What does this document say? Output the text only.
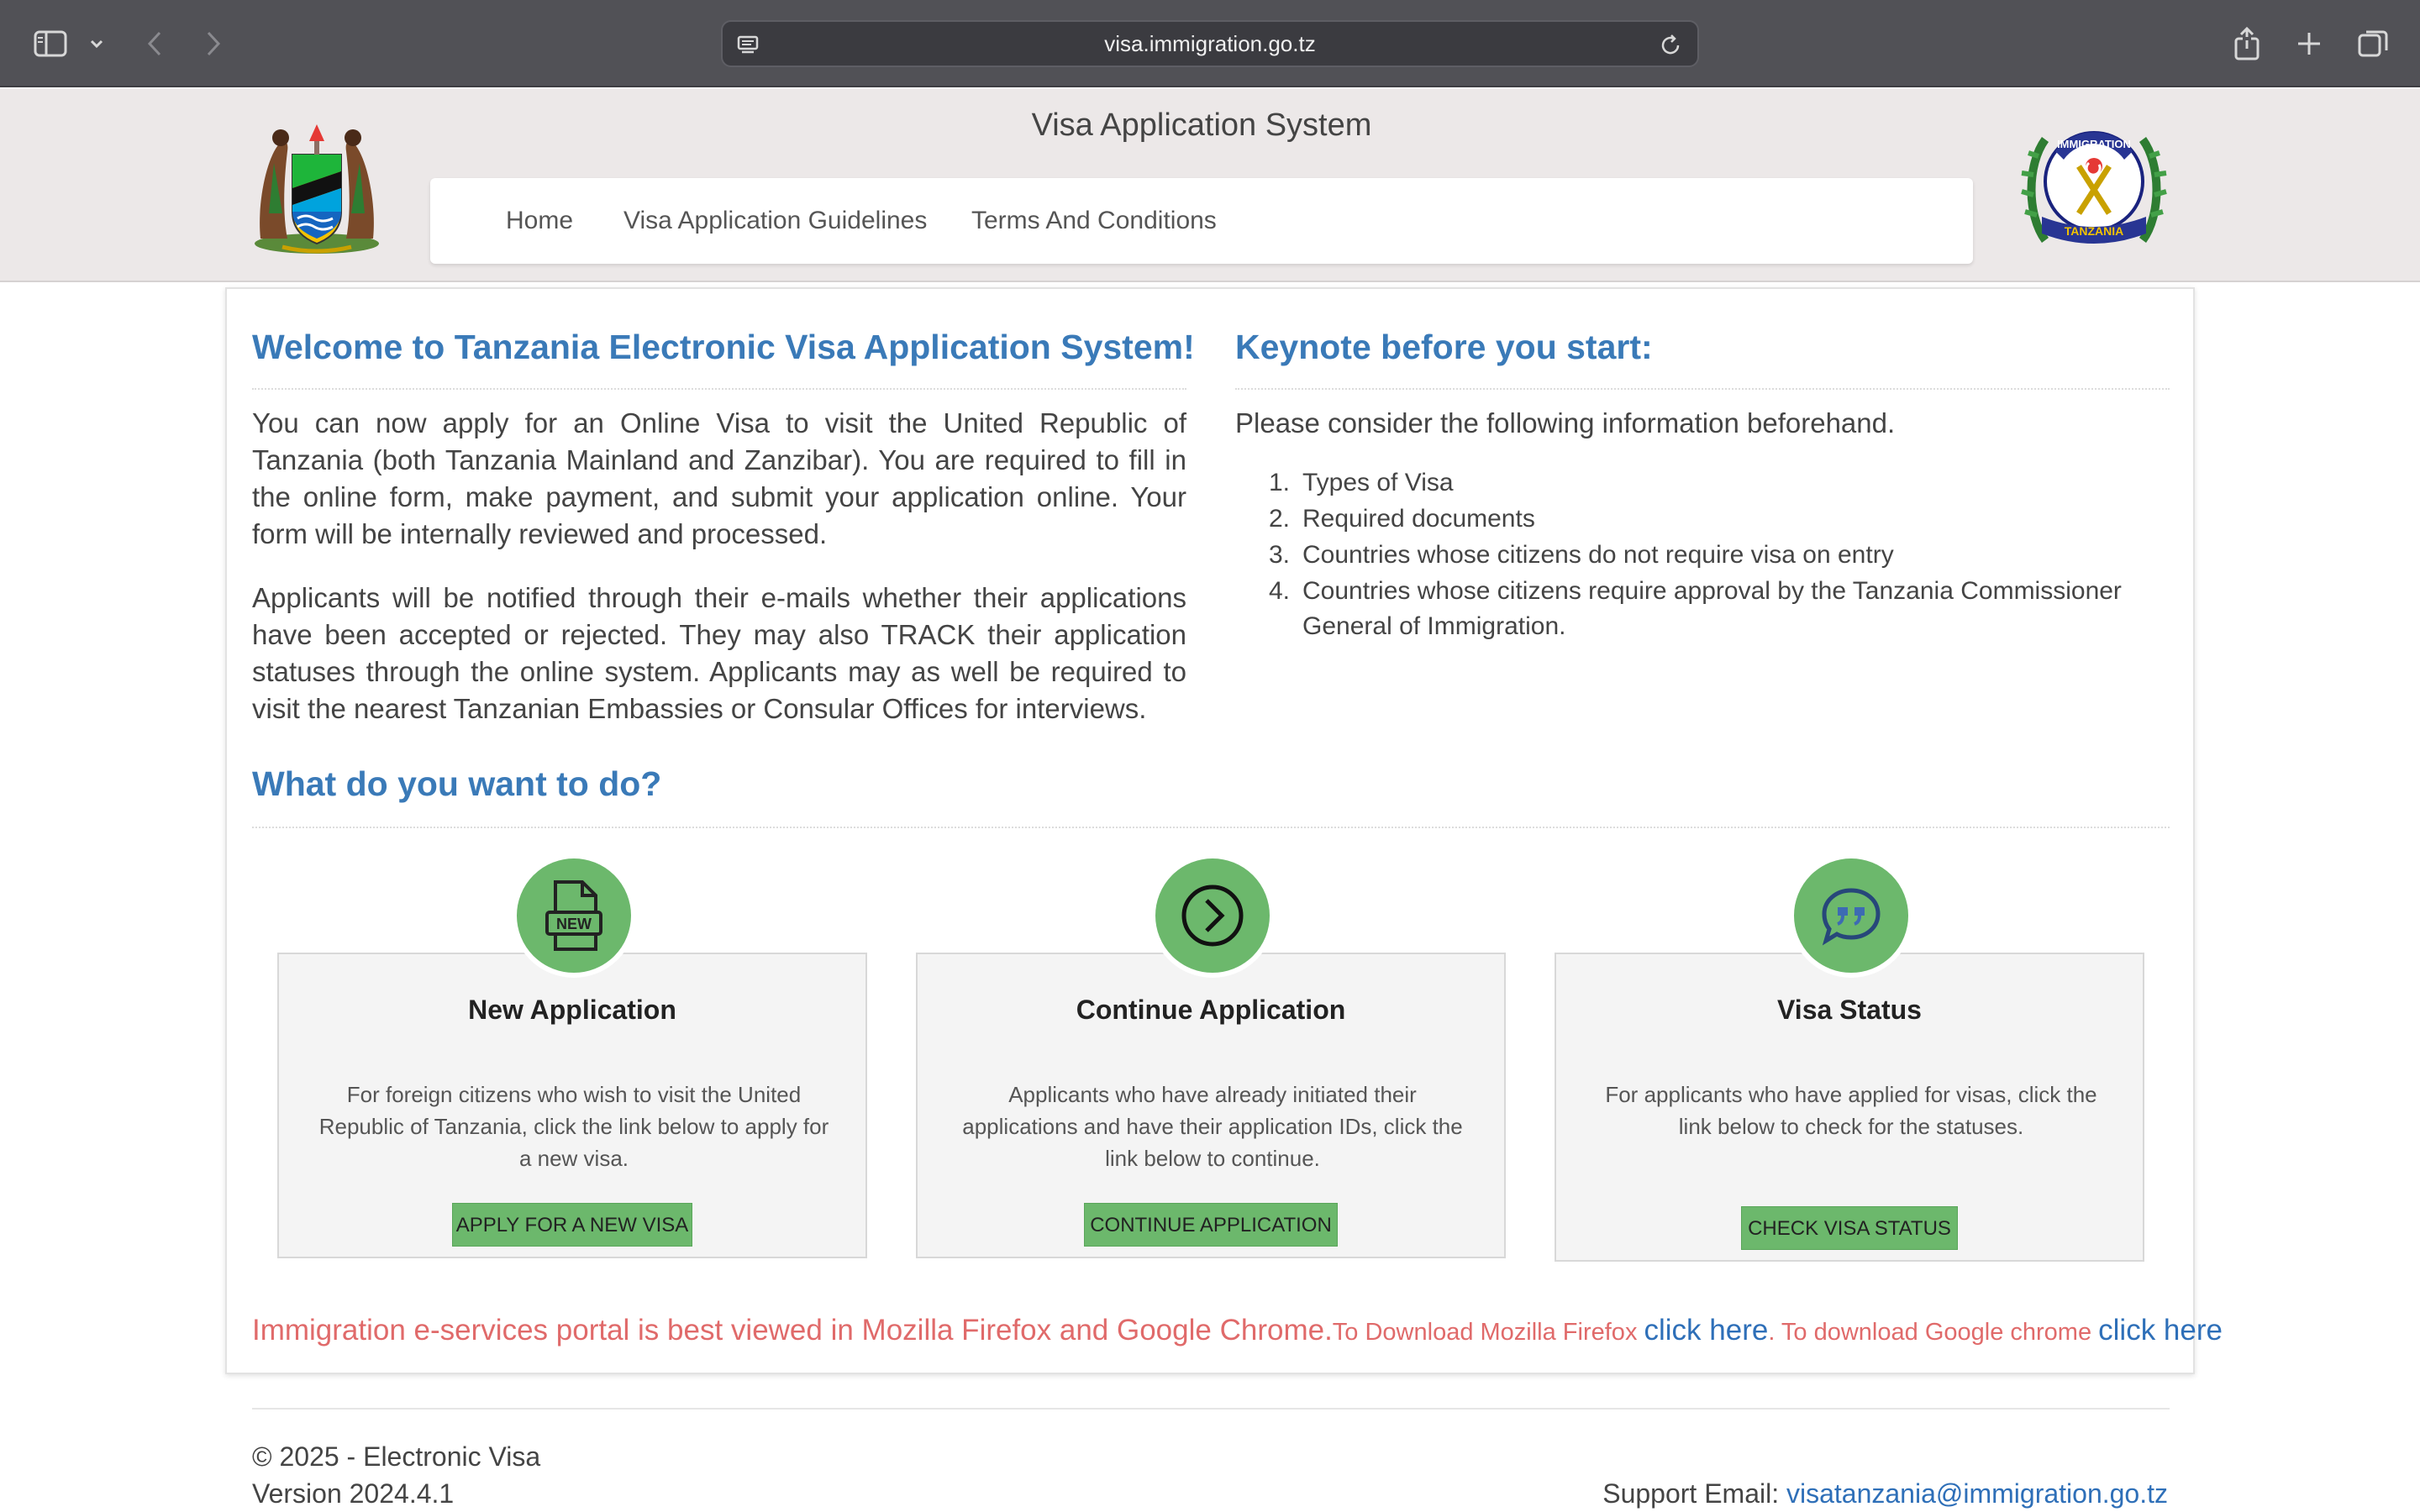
visa.immigration.go.tz
Visa Application System
Home Visa Application Guidelines Terms And Conditions
IMMIGRATION
TANZANIA
Welcome to Tanzania Electronic Visa Application System!

You can now apply for an Online Visa to visit the United Republic of Tanzania (both Tanzania Mainland and Zanzibar). You are required to fill in the online form, make payment, and submit your application online. Your form will be internally reviewed and processed.

Applicants will be notified through their e-mails whether their applications have been accepted or rejected. They may also TRACK their application statuses through the online system. Applicants may as well be required to visit the nearest Tanzanian Embassies or Consular Offices for interviews.

Keynote before you start:

Please consider the following information beforehand.

1. Types of Visa
2. Required documents
3. Countries whose citizens do not require visa on entry
4. Countries whose citizens require approval by the Tanzania Commissioner General of Immigration.
What do you want to do?
NEW
New Application
For foreign citizens who wish to visit the United Republic of Tanzania, click the link below to apply for a new visa.
APPLY FOR A NEW VISA
Continue Application
Applicants who have already initiated their applications and have their application IDs, click the link below to continue.
CONTINUE APPLICATION
Visa Status
For applicants who have applied for visas, click the link below to check for the statuses.
CHECK VISA STATUS
Immigration e-services portal is best viewed in Mozilla Firefox and Google Chrome.To Download Mozilla Firefox click here. To download Google chrome click here
© 2025 - Electronic Visa
Version 2024.4.1	Support Email: visatanzania@immigration.go.tz
